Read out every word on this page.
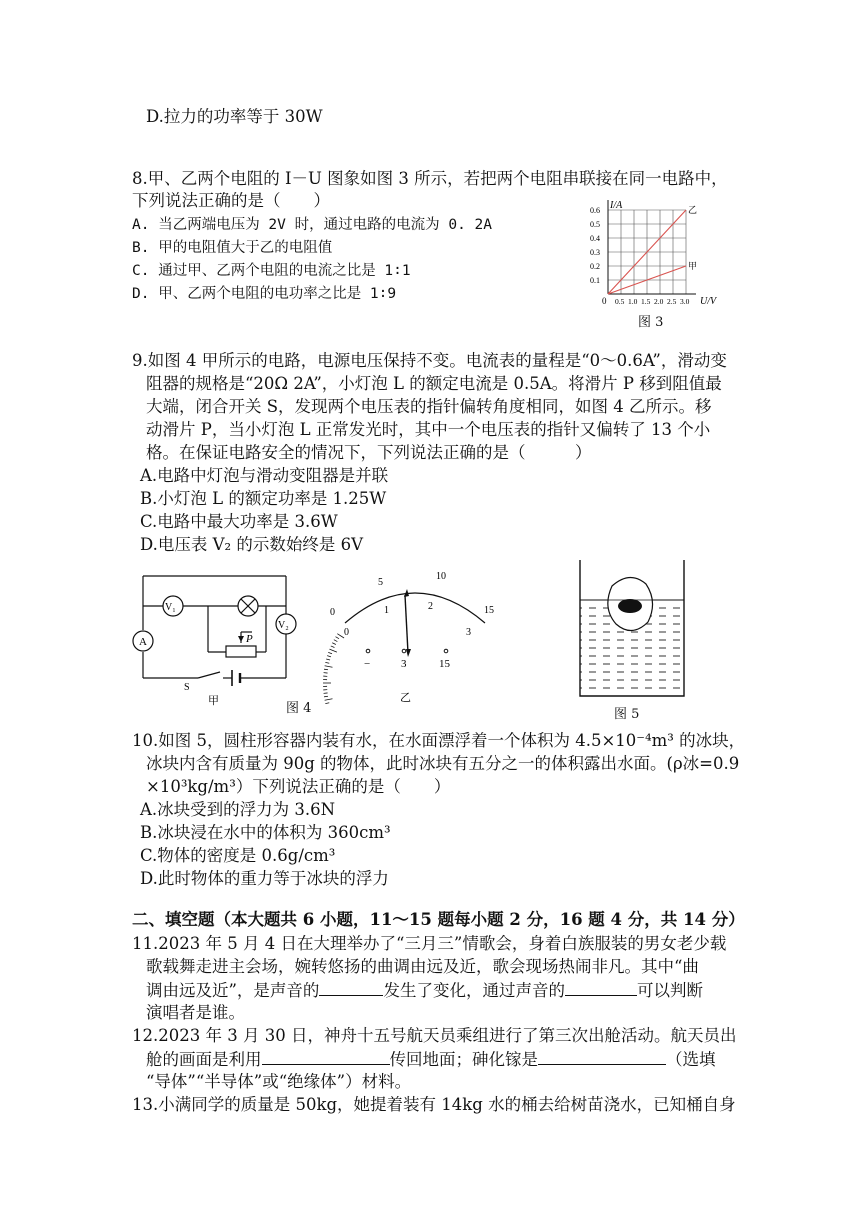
D.拉力的功率等于 30W
8.甲、乙两个电阻的 I－U 图象如图 3 所示，若把两个电阻串联接在同一电路中，
下列说法正确的是（　　）
A. 当乙两端电压为 2V 时，通过电路的电流为 0. 2A
B. 甲的电阻值大于乙的电阻值
C. 通过甲、乙两个电阻的电流之比是 1∶1
D. 甲、乙两个电阻的电功率之比是 1∶9
0.1
0.2
0.3
0.4
0.5
0.6
0.5 1.0 1.5 2.0 2.5 3.0
乙
甲
I/A
U/V
0
图 3
9.如图 4 甲所示的电路，电源电压保持不变。电流表的量程是“0～0.6A”，滑动变
阻器的规格是“20Ω 2A”，小灯泡 L 的额定电流是 0.5A。将滑片 P 移到阻值最
大端，闭合开关 S，发现两个电压表的指针偏转角度相同，如图 4 乙所示。移
动滑片 P，当小灯泡 L 正常发光时，其中一个电压表的指针又偏转了 13 个小
格。在保证电路安全的情况下，下列说法正确的是（　　　）
A.电路中灯泡与滑动变阻器是并联
B.小灯泡 L 的额定功率是 1.25W
C.电路中最大功率是 3.6W
D.电压表 V₂ 的示数始终是 6V
A
V₁
V₂
P
S
甲	图 4
0
5
10
15
0
1	2
3
−	3	15
乙
图 5
10.如图 5，圆柱形容器内装有水，在水面漂浮着一个体积为 4.5×10⁻⁴m³ 的冰块，
冰块内含有质量为 90g 的物体，此时冰块有五分之一的体积露出水面。(ρ冰=0.9
×10³kg/m³）下列说法正确的是（　　）
A.冰块受到的浮力为 3.6N
B.冰块浸在水中的体积为 360cm³
C.物体的密度是 0.6g/cm³
D.此时物体的重力等于冰块的浮力
二、填空题（本大题共 6 小题，11～15 题每小题 2 分，16 题 4 分，共 14 分）
11.2023 年 5 月 4 日在大理举办了“三月三”情歌会，身着白族服装的男女老少载
歌载舞走进主会场，婉转悠扬的曲调由远及近，歌会现场热闹非凡。其中“曲
调由远及近”，是声音的	发生了变化，通过声音的	可以判断
演唱者是谁。
12.2023 年 3 月 30 日，神舟十五号航天员乘组进行了第三次出舱活动。航天员出
舱的画面是利用	传回地面；砷化镓是	（选填
“导体”“半导体”或“绝缘体”）材料。
13.小满同学的质量是 50kg，她提着装有 14kg 水的桶去给树苗浇水，已知桶自身
